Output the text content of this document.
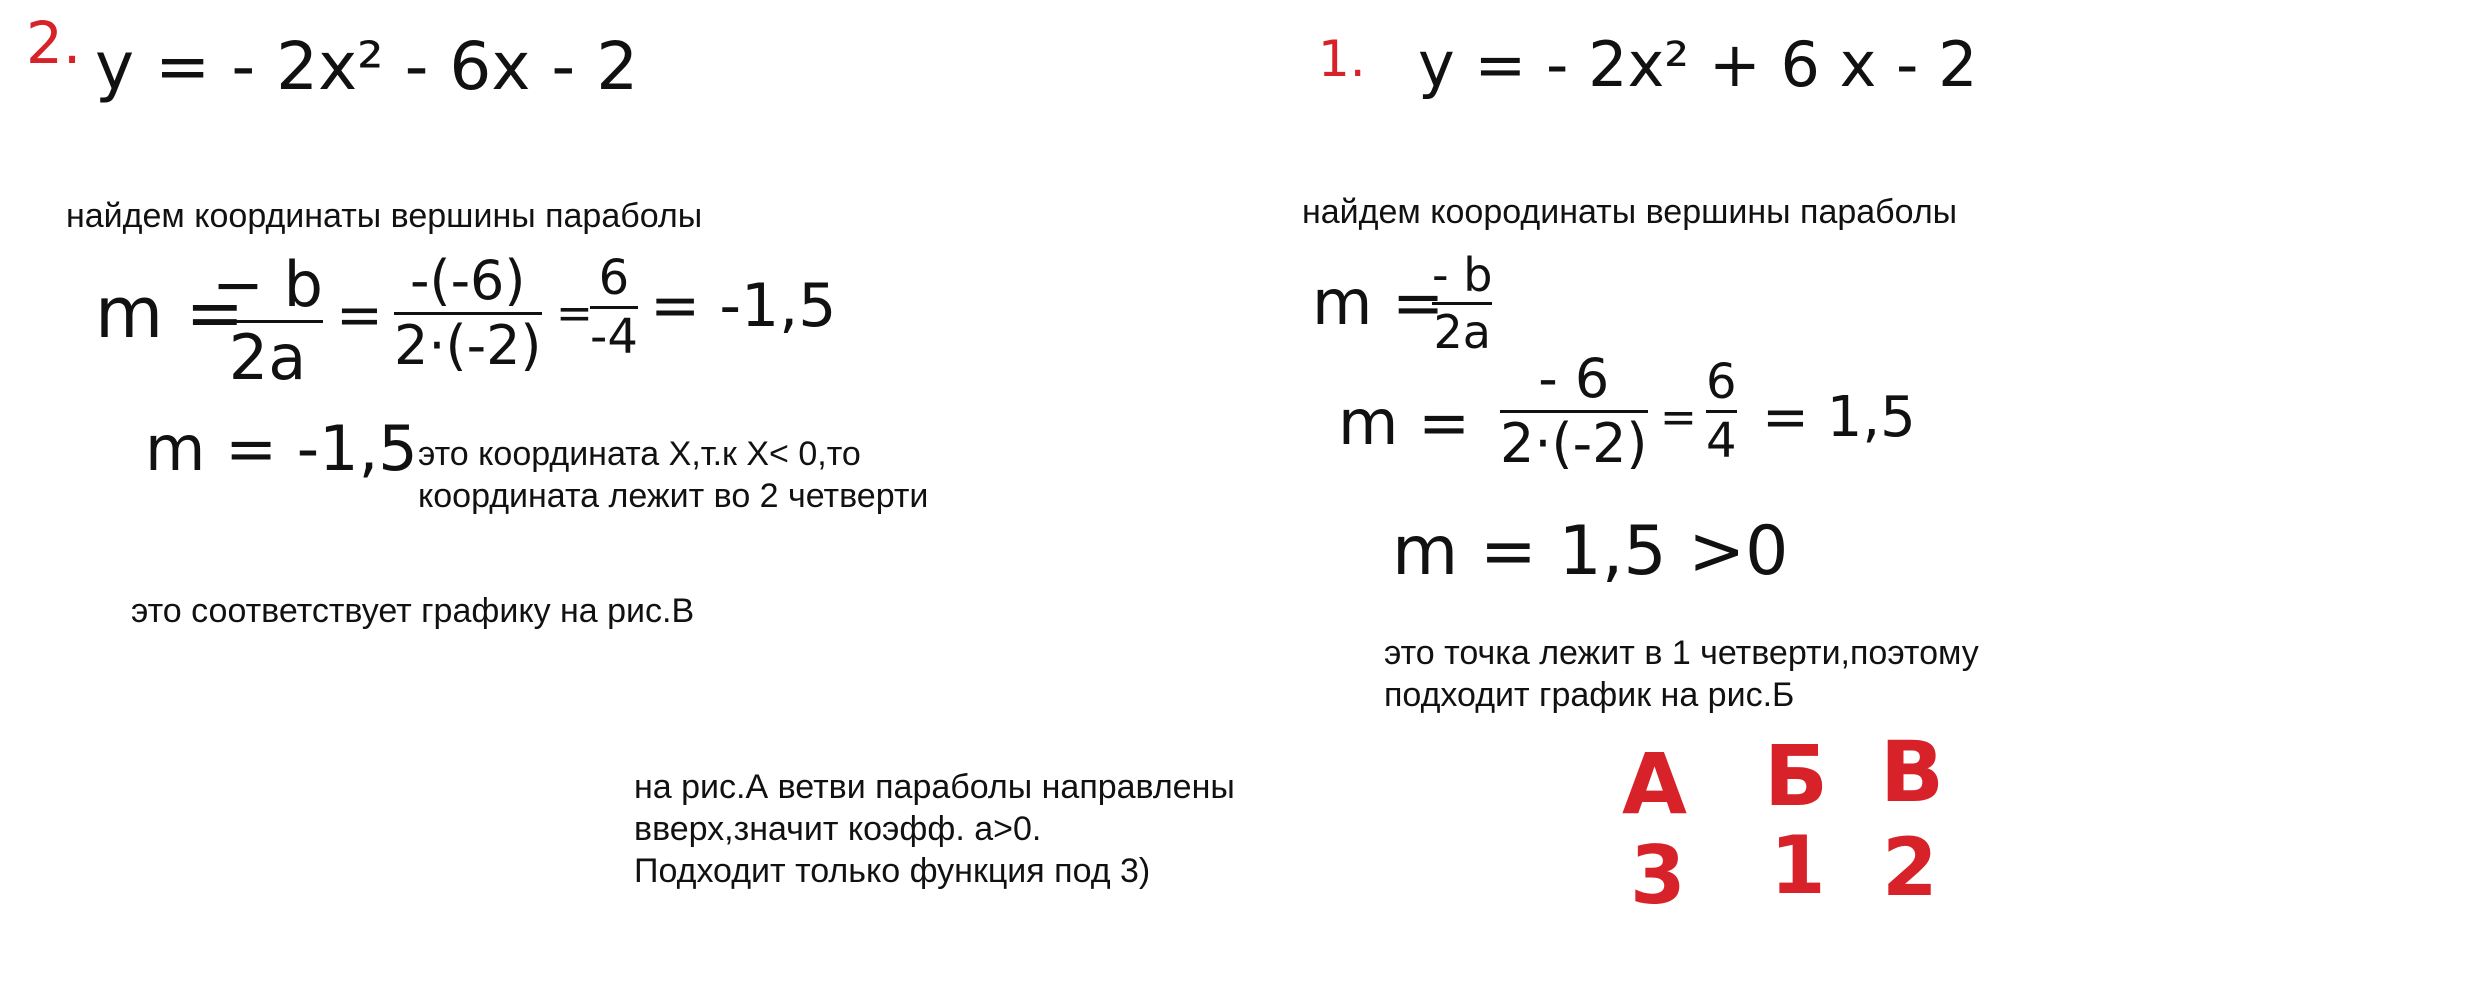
2. y = - 2x² - 6x - 2
найдем координаты вершины параболы
m =
− b
2a
=
-(-6)
2·(-2)
=
6
-4 = -1,5
m = -1,5 это координата X,т.к X< 0,то
координата лежит во 2 четверти
это соответствует графику на рис.В
1. y = - 2x² + 6 x - 2
найдем коородинаты вершины параболы
m =
- b
2a
m =
- 6
2·(-2) =
6
4 = 1,5
m = 1,5 >0
это точка лежит в 1 четверти,поэтому
подходит график на рис.Б
на рис.А ветви параболы направлены
вверх,значит коэфф. а>0.
Подходит только функция под 3)
А Б В
3 1 2
